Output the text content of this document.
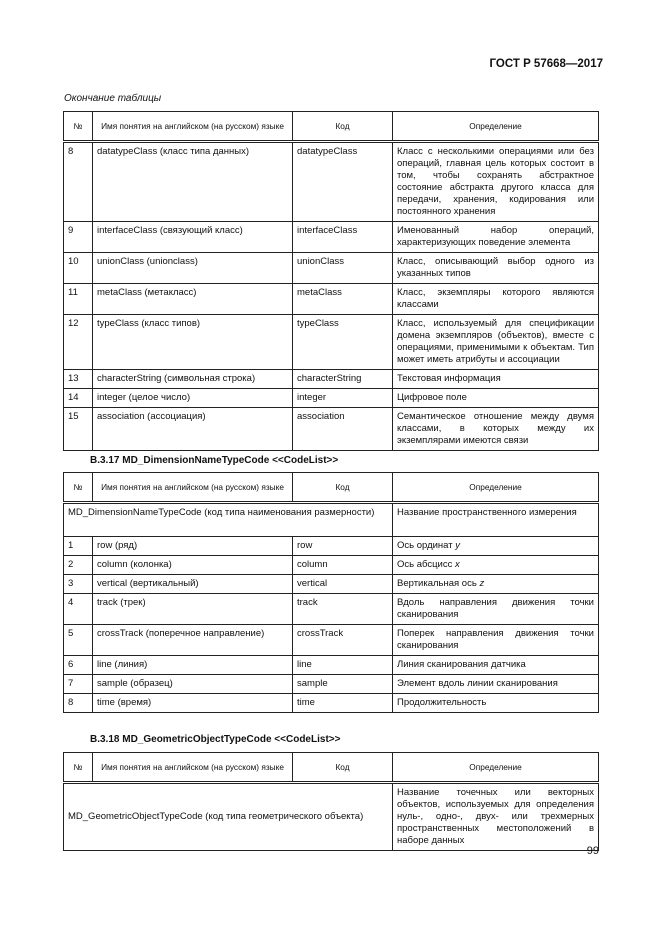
ГОСТ Р 57668—2017
Окончание таблицы
№	Имя понятия на английском (на русском) языке	Код	Определение
8	datatypeClass (класс типа данных)	datatypeClass	Класс с несколькими операциями или без операций, главная цель которых состоит в том, чтобы сохранять абстрактное состояние абстракта другого класса для передачи, хранения, кодирования или постоянного хранения
9	interfaceClass (связующий класс)	interfaceClass	Именованный набор операций, характеризующих поведение элемента
10	unionClass (unionclass)	unionClass	Класс, описывающий выбор одного из указанных типов
11	metaClass (метакласс)	metaClass	Класс, экземпляры которого являются классами
12	typeClass (класс типов)	typeClass	Класс, используемый для спецификации домена экземпляров (объектов), вместе с операциями, применимыми к объектам. Тип может иметь атрибуты и ассоциации
13	characterString (символьная строка)	characterString	Текстовая информация
14	integer (целое число)	integer	Цифровое поле
15	association (ассоциация)	association	Семантическое отношение между двумя классами, в которых между их экземплярами имеются связи
В.3.17 MD_DimensionNameTypeCode <<CodeList>>
№	Имя понятия на английском (на русском) языке	Код	Определение
MD_DimensionNameTypeCode (код типа наименования размерности)			Название пространственного измерения
1	row (ряд)	row	Ось ординат y
2	column (колонка)	column	Ось абсцисс x
3	vertical (вертикальный)	vertical	Вертикальная ось z
4	track (трек)	track	Вдоль направления движения точки сканирования
5	crossTrack (поперечное направление)	crossTrack	Поперек направления движения точки сканирования
6	line (линия)	line	Линия сканирования датчика
7	sample (образец)	sample	Элемент вдоль линии сканирования
8	time (время)	time	Продолжительность
В.3.18 MD_GeometricObjectTypeCode <<CodeList>>
№	Имя понятия на английском (на русском) языке	Код	Определение
MD_GeometricObjectTypeCode (код типа геометрического объекта)			Название точечных или векторных объектов, используемых для определения нуль-, одно-, двух- или трехмерных пространственных местоположений в наборе данных
99
